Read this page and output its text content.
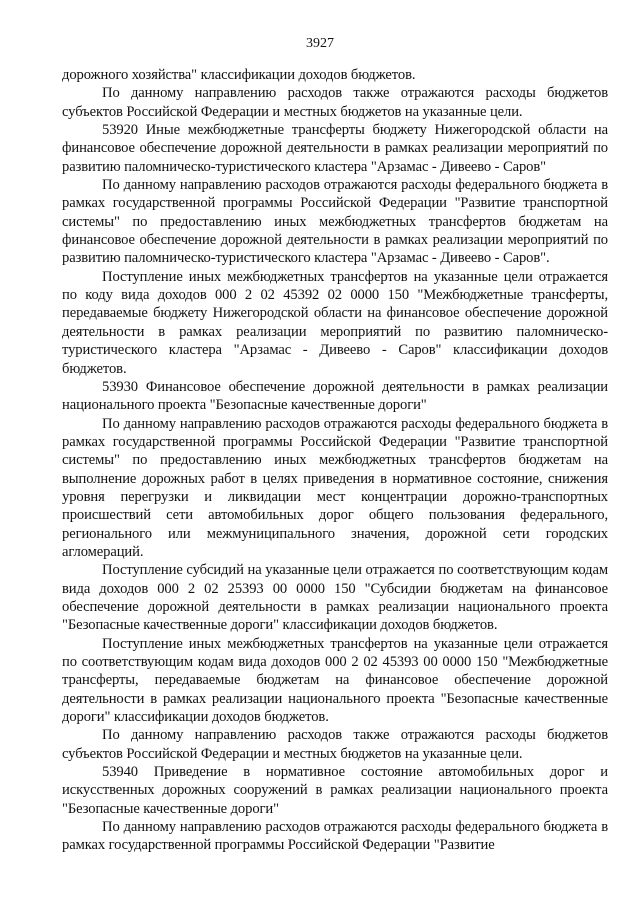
3927

дорожного хозяйства" классификации доходов бюджетов.

По данному направлению расходов также отражаются расходы бюджетов субъектов Российской Федерации и местных бюджетов на указанные цели.

53920 Иные межбюджетные трансферты бюджету Нижегородской области на финансовое обеспечение дорожной деятельности в рамках реализации мероприятий по развитию паломническо-туристического кластера "Арзамас - Дивеево - Саров"

По данному направлению расходов отражаются расходы федерального бюджета в рамках государственной программы Российской Федерации "Развитие транспортной системы" по предоставлению иных межбюджетных трансфертов бюджетам на финансовое обеспечение дорожной деятельности в рамках реализации мероприятий по развитию паломническо-туристического кластера "Арзамас - Дивеево - Саров".

Поступление иных межбюджетных трансфертов на указанные цели отражается по коду вида доходов 000 2 02 45392 02 0000 150 "Межбюджетные трансферты, передаваемые бюджету Нижегородской области на финансовое обеспечение дорожной деятельности в рамках реализации мероприятий по развитию паломническо-туристического кластера "Арзамас - Дивеево - Саров" классификации доходов бюджетов.

53930 Финансовое обеспечение дорожной деятельности в рамках реализации национального проекта "Безопасные качественные дороги"

По данному направлению расходов отражаются расходы федерального бюджета в рамках государственной программы Российской Федерации "Развитие транспортной системы" по предоставлению иных межбюджетных трансфертов бюджетам на выполнение дорожных работ в целях приведения в нормативное состояние, снижения уровня перегрузки и ликвидации мест концентрации дорожно-транспортных происшествий сети автомобильных дорог общего пользования федерального, регионального или межмуниципального значения, дорожной сети городских агломераций.

Поступление субсидий на указанные цели отражается по соответствующим кодам вида доходов 000 2 02 25393 00 0000 150 "Субсидии бюджетам на финансовое обеспечение дорожной деятельности в рамках реализации национального проекта "Безопасные качественные дороги" классификации доходов бюджетов.

Поступление иных межбюджетных трансфертов на указанные цели отражается по соответствующим кодам вида доходов 000 2 02 45393 00 0000 150 "Межбюджетные трансферты, передаваемые бюджетам на финансовое обеспечение дорожной деятельности в рамках реализации национального проекта "Безопасные качественные дороги" классификации доходов бюджетов.

По данному направлению расходов также отражаются расходы бюджетов субъектов Российской Федерации и местных бюджетов на указанные цели.

53940 Приведение в нормативное состояние автомобильных дорог и искусственных дорожных сооружений в рамках реализации национального проекта "Безопасные качественные дороги"

По данному направлению расходов отражаются расходы федерального бюджета в рамках государственной программы Российской Федерации "Развитие
